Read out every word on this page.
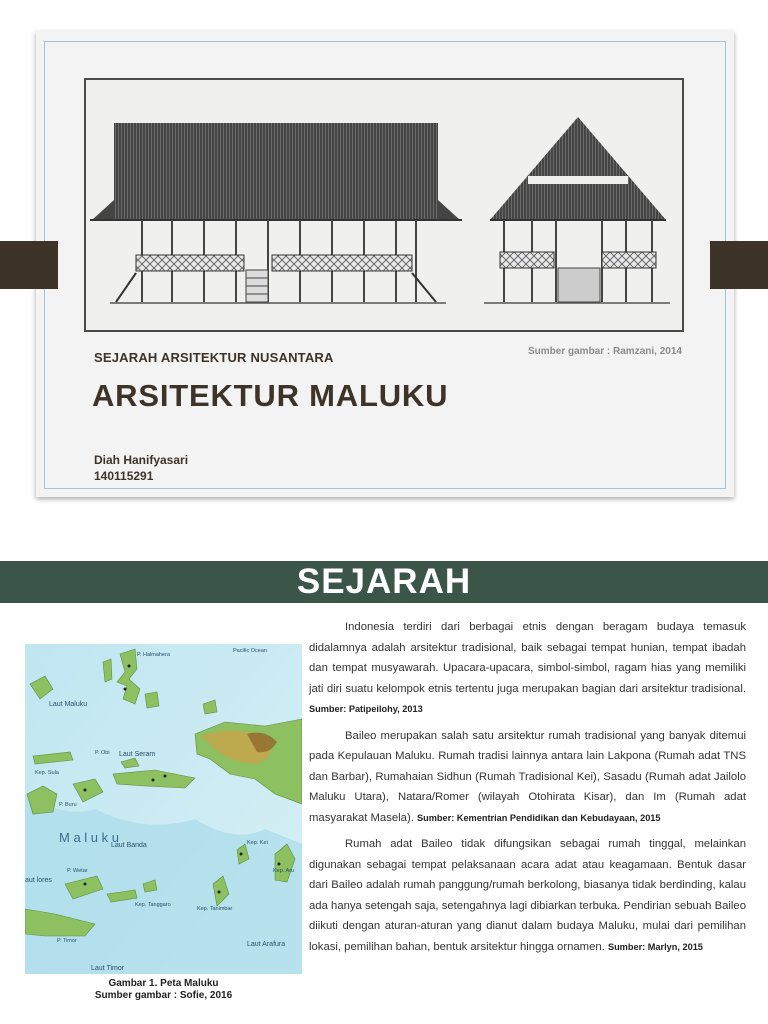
Sumber gambar : Ramzani, 2014
SEJARAH ARSITEKTUR NUSANTARA
ARSITEKTUR MALUKU
Diah Hanifyasari
140115291
SEJARAH
Pacific Ocean
P. Halmahera
Laut Maluku
Laut Seram
M a l u k u
Laut Banda
Kep. Sula
P. Buru
P. Obi
Kep. Kei
Kep. Aru
Kep. Tanimbar
Laut Arafura
Laut Timor
P. Timor
P. Wetar
Kep. Tanggaro
aut lores
Gambar 1. Peta Maluku
Sumber gambar : Sofie, 2016

Indonesia terdiri dari berbagai etnis dengan beragam budaya temasuk didalamnya adalah arsitektur tradisional, baik sebagai tempat hunian, tempat ibadah dan tempat musyawarah. Upacara-upacara, simbol-simbol, ragam hias yang memiliki jati diri suatu kelompok etnis tertentu juga merupakan bagian dari arsitektur tradisional. Sumber: Patipeilohy, 2013

Baileo merupakan salah satu arsitektur rumah tradisional yang banyak ditemui pada Kepulauan Maluku. Rumah tradisi lainnya antara lain Lakpona (Rumah adat TNS dan Barbar), Rumahaian Sidhun (Rumah Tradisional Kei), Sasadu (Rumah adat Jailolo Maluku Utara), Natara/Romer (wilayah Otohirata Kisar), dan Im (Rumah adat masyarakat Masela). Sumber: Kementrian Pendidikan dan Kebudayaan, 2015

Rumah adat Baileo tidak difungsikan sebagai rumah tinggal, melainkan digunakan sebagai tempat pelaksanaan acara adat atau keagamaan. Bentuk dasar dari Baileo adalah rumah panggung/rumah berkolong, biasanya tidak berdinding, kalau ada hanya setengah saja, setengahnya lagi dibiarkan terbuka. Pendirian sebuah Baileo diikuti dengan aturan-aturan yang dianut dalam budaya Maluku, mulai dari pemilihan lokasi, pemilihan bahan, bentuk arsitektur hingga ornamen. Sumber: Marlyn, 2015
